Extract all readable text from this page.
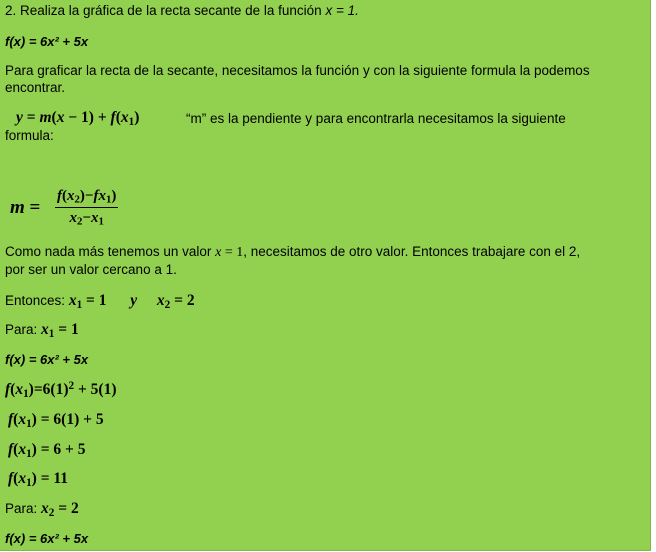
2. Realiza la gráfica de la recta secante de la función x = 1.
f(x) = 6x² + 5x
Para graficar la recta de la secante, necesitamos la función y con la siguiente formula la podemos
encontrar.
$y = m(x - 1) + f(x_1)$	“m” es la pendiente y para encontrarla necesitamos la siguiente
formula:
$m = \frac{f(x_2)-fx_1)}{x_2-x_1}$
Como nada más tenemos un valor x = 1, necesitamos de otro valor. Entonces trabajare con el 2,
por ser un valor cercano a 1.
Entonces: $x_1 = 1$ y $x_2 = 2$
Para: $x_1 = 1$
f(x) = 6x² + 5x
$f(x_1)=6(1)^2 + 5(1)$
$f(x_1) = 6(1) + 5$
$f(x_1) = 6 + 5$
$f(x_1) = 11$
Para: $x_2 = 2$
f(x) = 6x² + 5x
